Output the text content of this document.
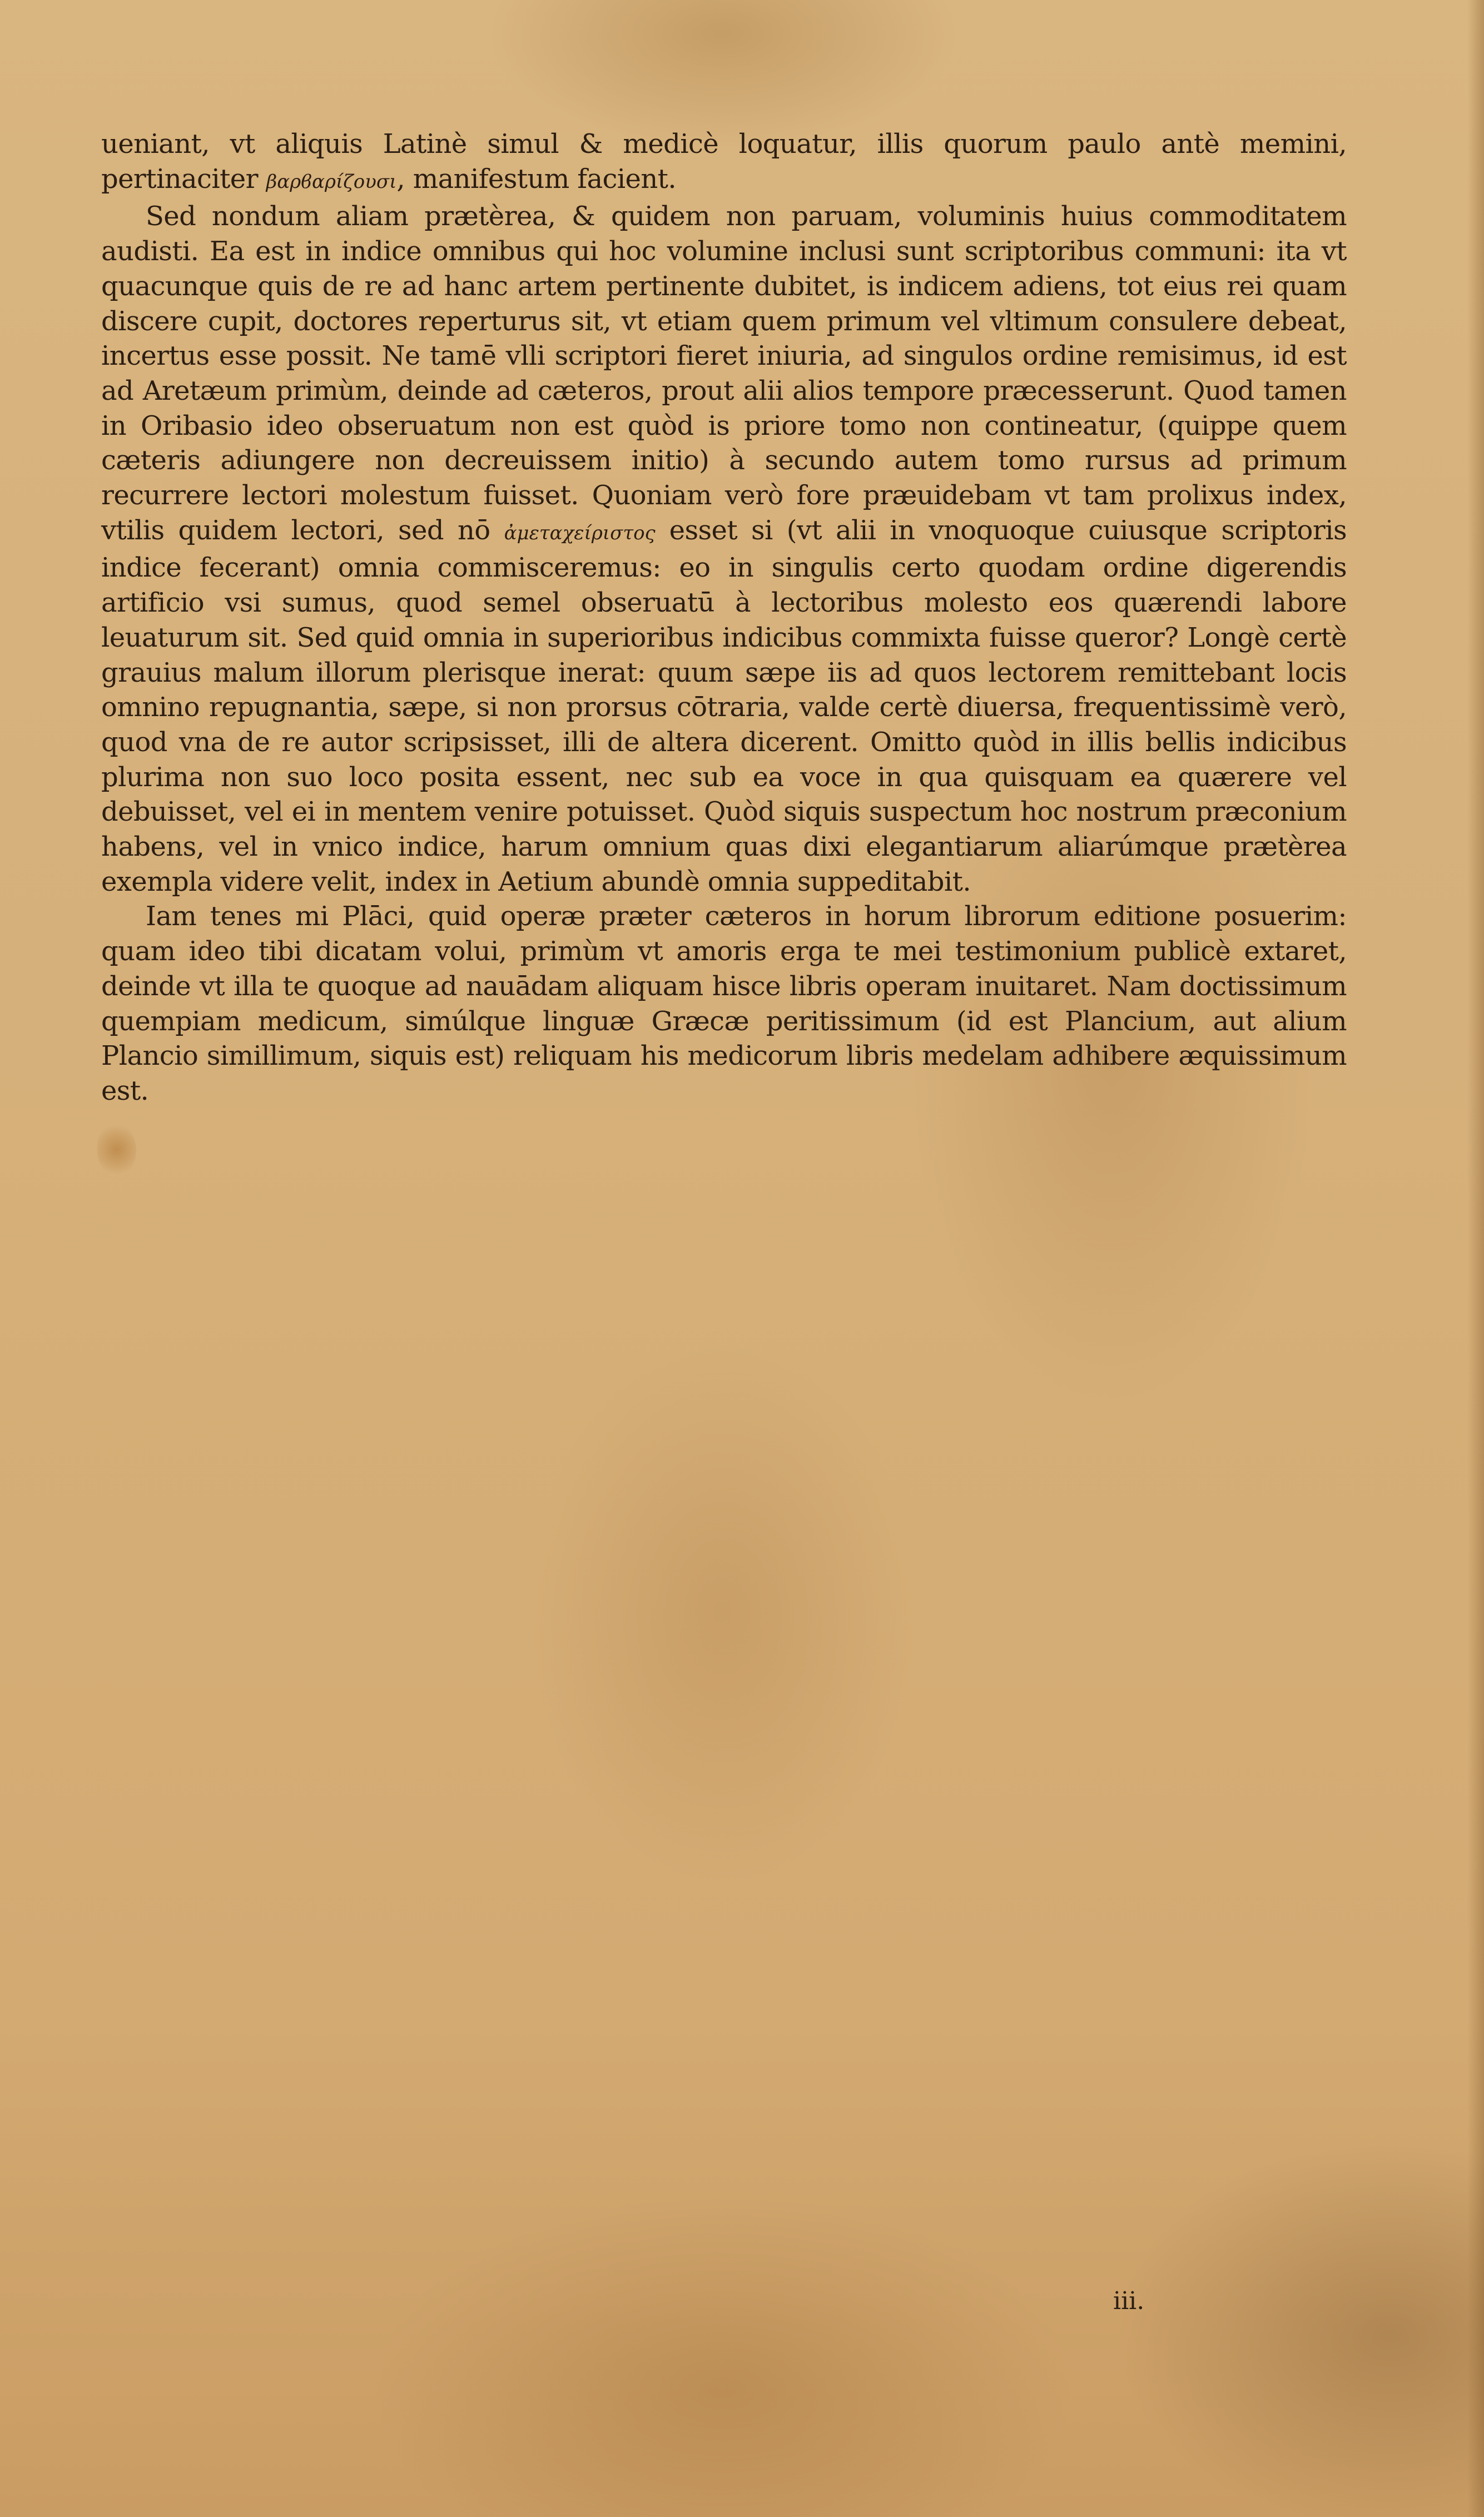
ueniant, vt aliquis Latinè simul & medicè loquatur, illis quorum paulo antè memini, pertinaciter βαρϐαρίζουσι, manifestum facient.

Sed nondum aliam prætèrea, & quidem non paruam, voluminis huius commoditatem audisti. Ea est in indice omnibus qui hoc volumine inclusi sunt scriptoribus communi: ita vt quacunque quis de re ad hanc artem pertinente dubitet, is indicem adiens, tot eius rei quam discere cupit, doctores reperturus sit, vt etiam quem primum vel vltimum consulere debeat, incertus esse possit. Ne tamē vlli scriptori fieret iniuria, ad singulos ordine remisimus, id est ad Aretæum primùm, deinde ad cæteros, prout alii alios tempore præcesserunt. Quod tamen in Oribasio ideo obseruatum non est quòd is priore tomo non contineatur, (quippe quem cæteris adiungere non decreuissem initio) à secundo autem tomo rursus ad primum recurrere lectori molestum fuisset. Quoniam verò fore præuidebam vt tam prolixus index, vtilis quidem lectori, sed nō ἀμεταχείριστος esset si (vt alii in vnoquoque cuiusque scriptoris indice fecerant) omnia commisceremus: eo in singulis certo quodam ordine digerendis artificio vsi sumus, quod semel obseruatū à lectoribus molesto eos quærendi labore leuaturum sit. Sed quid omnia in superioribus indicibus commixta fuisse queror? Longè certè grauius malum illorum plerisque inerat: quum sæpe iis ad quos lectorem remittebant locis omnino repugnantia, sæpe, si non prorsus cōtraria, valde certè diuersa, frequentissimè verò, quod vna de re autor scripsisset, illi de altera dicerent. Omitto quòd in illis bellis indicibus plurima non suo loco posita essent, nec sub ea voce in qua quisquam ea quærere vel debuisset, vel ei in mentem venire potuisset. Quòd siquis suspectum hoc nostrum præconium habens, vel in vnico indice, harum omnium quas dixi elegantiarum aliarúmque prætèrea exempla videre velit, index in Aetium abundè omnia suppeditabit.

Iam tenes mi Plāci, quid operæ præter cæteros in horum librorum editione posuerim: quam ideo tibi dicatam volui, primùm vt amoris erga te mei testimonium publicè extaret, deinde vt illa te quoque ad nauādam aliquam hisce libris operam inuitaret. Nam doctissimum quempiam medicum, simúlque linguæ Græcæ peritissimum (id est Plancium, aut alium Plancio simillimum, siquis est) reliquam his medicorum libris medelam adhibere æquissimum est.

iii.
